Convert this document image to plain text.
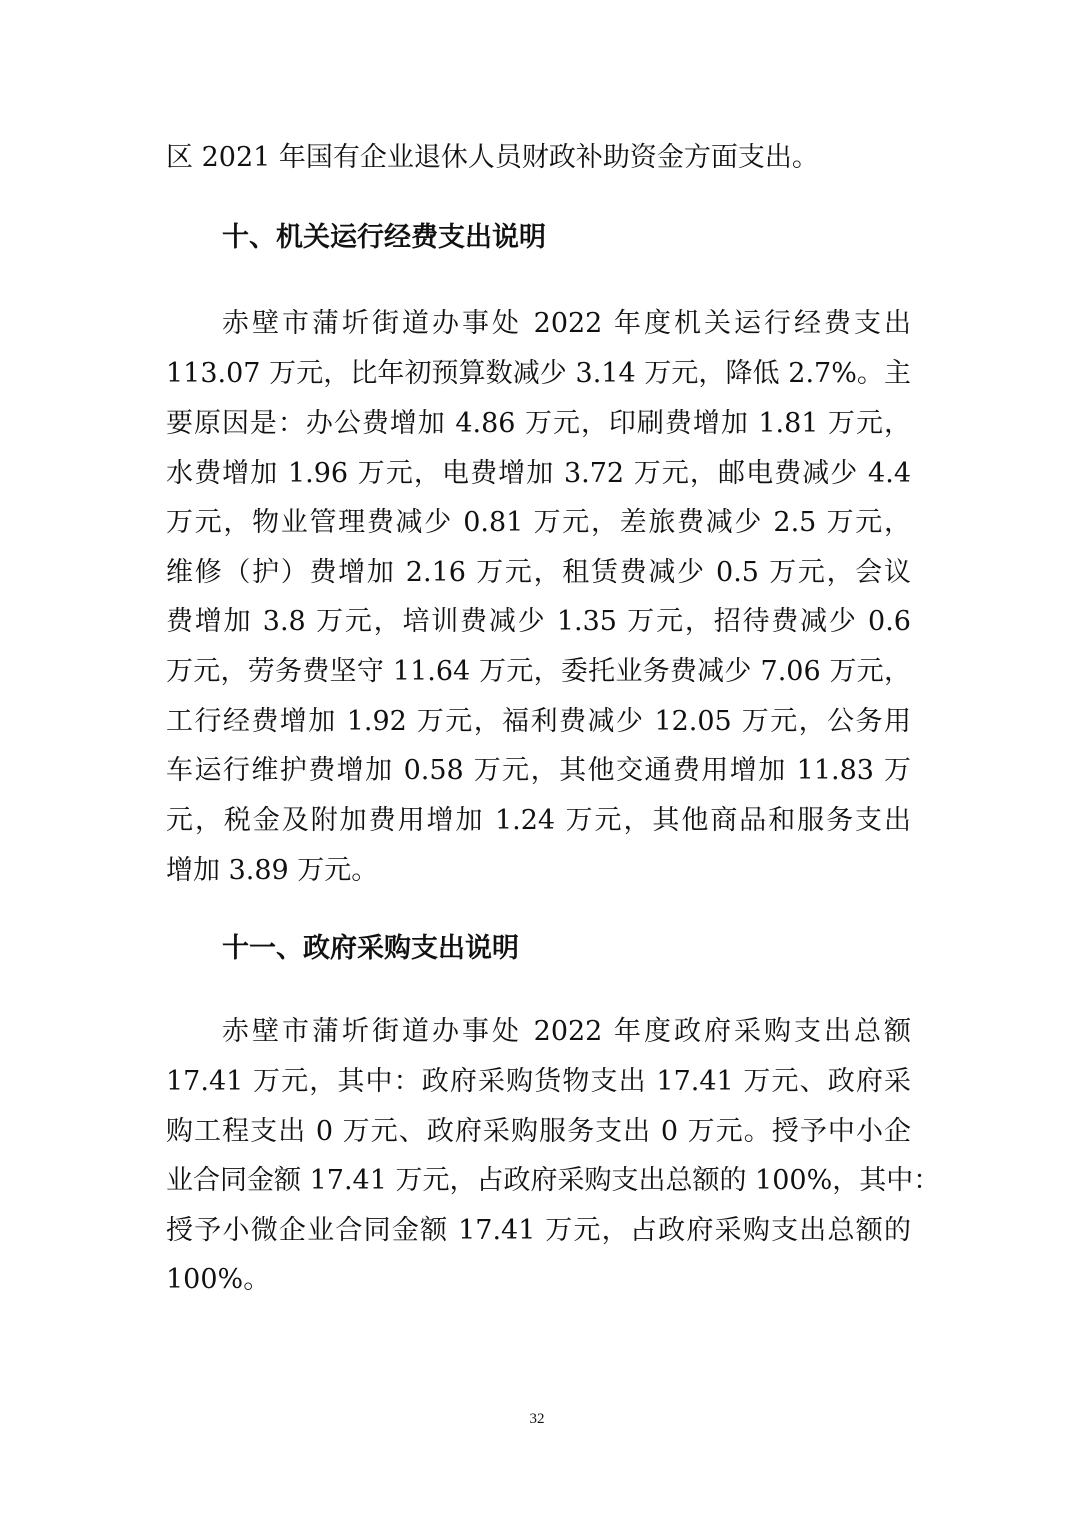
区 2021 年国有企业退休人员财政补助资金方面支出。
十、机关运行经费支出说明
赤壁市蒲圻街道办事处 2022 年度机关运行经费支出
113.07 万元，比年初预算数减少 3.14 万元，降低 2.7%。主
要原因是：办公费增加 4.86 万元，印刷费增加 1.81 万元，
水费增加 1.96 万元，电费增加 3.72 万元，邮电费减少 4.4
万元，物业管理费减少 0.81 万元，差旅费减少 2.5 万元，
维修（护）费增加 2.16 万元，租赁费减少 0.5 万元，会议
费增加 3.8 万元，培训费减少 1.35 万元，招待费减少 0.6
万元，劳务费坚守 11.64 万元，委托业务费减少 7.06 万元，
工行经费增加 1.92 万元，福利费减少 12.05 万元，公务用
车运行维护费增加 0.58 万元，其他交通费用增加 11.83 万
元，税金及附加费用增加 1.24 万元，其他商品和服务支出
增加 3.89 万元。
十一、政府采购支出说明
赤壁市蒲圻街道办事处 2022 年度政府采购支出总额
17.41 万元，其中：政府采购货物支出 17.41 万元、政府采
购工程支出 0 万元、政府采购服务支出 0 万元。授予中小企
业合同金额 17.41 万元，占政府采购支出总额的 100%，其中：
授予小微企业合同金额 17.41 万元，占政府采购支出总额的
100%。
32
